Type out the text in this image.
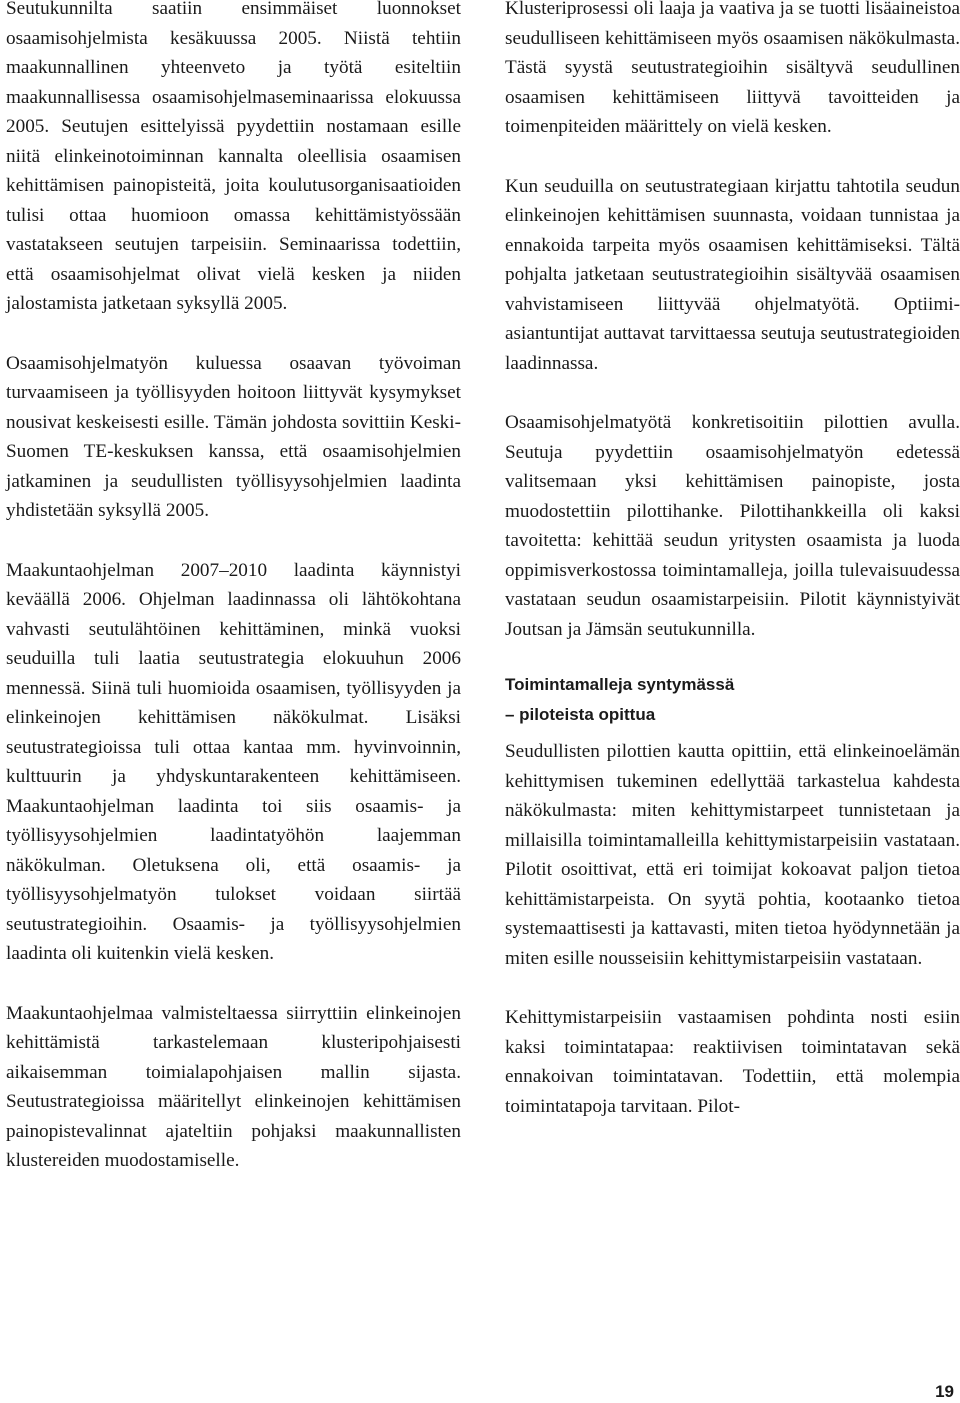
Seutukunnilta saatiin ensimmäiset luonnokset osaamisohjelmista kesäkuussa 2005. Niistä tehtiin maakunnallinen yhteenveto ja työtä esiteltiin maakunnallisessa osaamisohjelmaseminaarissa elokuussa 2005. Seutujen esittelyissä pyydettiin nostamaan esille niitä elinkeinotoiminnan kannalta oleellisia osaamisen kehittämisen painopisteitä, joita koulutusorganisaatioiden tulisi ottaa huomioon omassa kehittämistyössään vastatakseen seutujen tarpeisiin. Seminaarissa todettiin, että osaamisohjelmat olivat vielä kesken ja niiden jalostamista jatketaan syksyllä 2005.

Osaamisohjelmatyön kuluessa osaavan työvoiman turvaamiseen ja työllisyyden hoitoon liittyvät kysymykset nousivat keskeisesti esille. Tämän johdosta sovittiin Keski-Suomen TE-keskuksen kanssa, että osaamisohjelmien jatkaminen ja seudullisten työllisyysohjelmien laadinta yhdistetään syksyllä 2005.

Maakuntaohjelman 2007–2010 laadinta käynnistyi keväällä 2006. Ohjelman laadinnassa oli lähtökohtana vahvasti seutulähtöinen kehittäminen, minkä vuoksi seuduilla tuli laatia seutustrategia elokuuhun 2006 mennessä. Siinä tuli huomioida osaamisen, työllisyyden ja elinkeinojen kehittämisen näkökulmat. Lisäksi seutustrategioissa tuli ottaa kantaa mm. hyvinvoinnin, kulttuurin ja yhdyskuntarakenteen kehittämiseen. Maakuntaohjelman laadinta toi siis osaamis- ja työllisyysohjelmien laadintatyöhön laajemman näkökulman. Oletuksena oli, että osaamis- ja työllisyysohjelmatyön tulokset voidaan siirtää seutustrategioihin. Osaamis- ja työllisyysohjelmien laadinta oli kuitenkin vielä kesken.

Maakuntaohjelmaa valmisteltaessa siirryttiin elinkeinojen kehittämistä tarkastelemaan klusteripohjaisesti aikaisemman toimialapohjaisen mallin sijasta. Seutustrategioissa määritellyt elinkeinojen kehittämisen painopistevalinnat ajateltiin pohjaksi maakunnallisten klustereiden muodostamiselle.

Klusteriprosessi oli laaja ja vaativa ja se tuotti lisäaineistoa seudulliseen kehittämiseen myös osaamisen näkökulmasta. Tästä syystä seutustrategioihin sisältyvä seudullinen osaamisen kehittämiseen liittyvä tavoitteiden ja toimenpiteiden määrittely on vielä kesken.

Kun seuduilla on seutustrategiaan kirjattu tahtotila seudun elinkeinojen kehittämisen suunnasta, voidaan tunnistaa ja ennakoida tarpeita myös osaamisen kehittämiseksi. Tältä pohjalta jatketaan seutustrategioihin sisältyvää osaamisen vahvistamiseen liittyvää ohjelmatyötä. Optiimi-asiantuntijat auttavat tarvittaessa seutuja seutustrategioiden laadinnassa.

Osaamisohjelmatyötä konkretisoitiin pilottien avulla. Seutuja pyydettiin osaamisohjelmatyön edetessä valitsemaan yksi kehittämisen painopiste, josta muodostettiin pilottihanke. Pilottihankkeilla oli kaksi tavoitetta: kehittää seudun yritysten osaamista ja luoda oppimisverkostossa toimintamalleja, joilla tulevaisuudessa vastataan seudun osaamistarpeisiin. Pilotit käynnistyivät Joutsan ja Jämsän seutukunnilla.

Toimintamalleja syntymässä
– piloteista opittua

Seudullisten pilottien kautta opittiin, että elinkeinoelämän kehittymisen tukeminen edellyttää tarkastelua kahdesta näkökulmasta: miten kehittymistarpeet tunnistetaan ja millaisilla toimintamalleilla kehittymistarpeisiin vastataan. Pilotit osoittivat, että eri toimijat kokoavat paljon tietoa kehittämistarpeista. On syytä pohtia, kootaanko tietoa systemaattisesti ja kattavasti, miten tietoa hyödynnetään ja miten esille nousseisiin kehittymistarpeisiin vastataan.

Kehittymistarpeisiin vastaamisen pohdinta nosti esiin kaksi toimintatapaa: reaktiivisen toimintatavan sekä ennakoivan toimintatavan. Todettiin, että molempia toimintatapoja tarvitaan. Pilot-

19
